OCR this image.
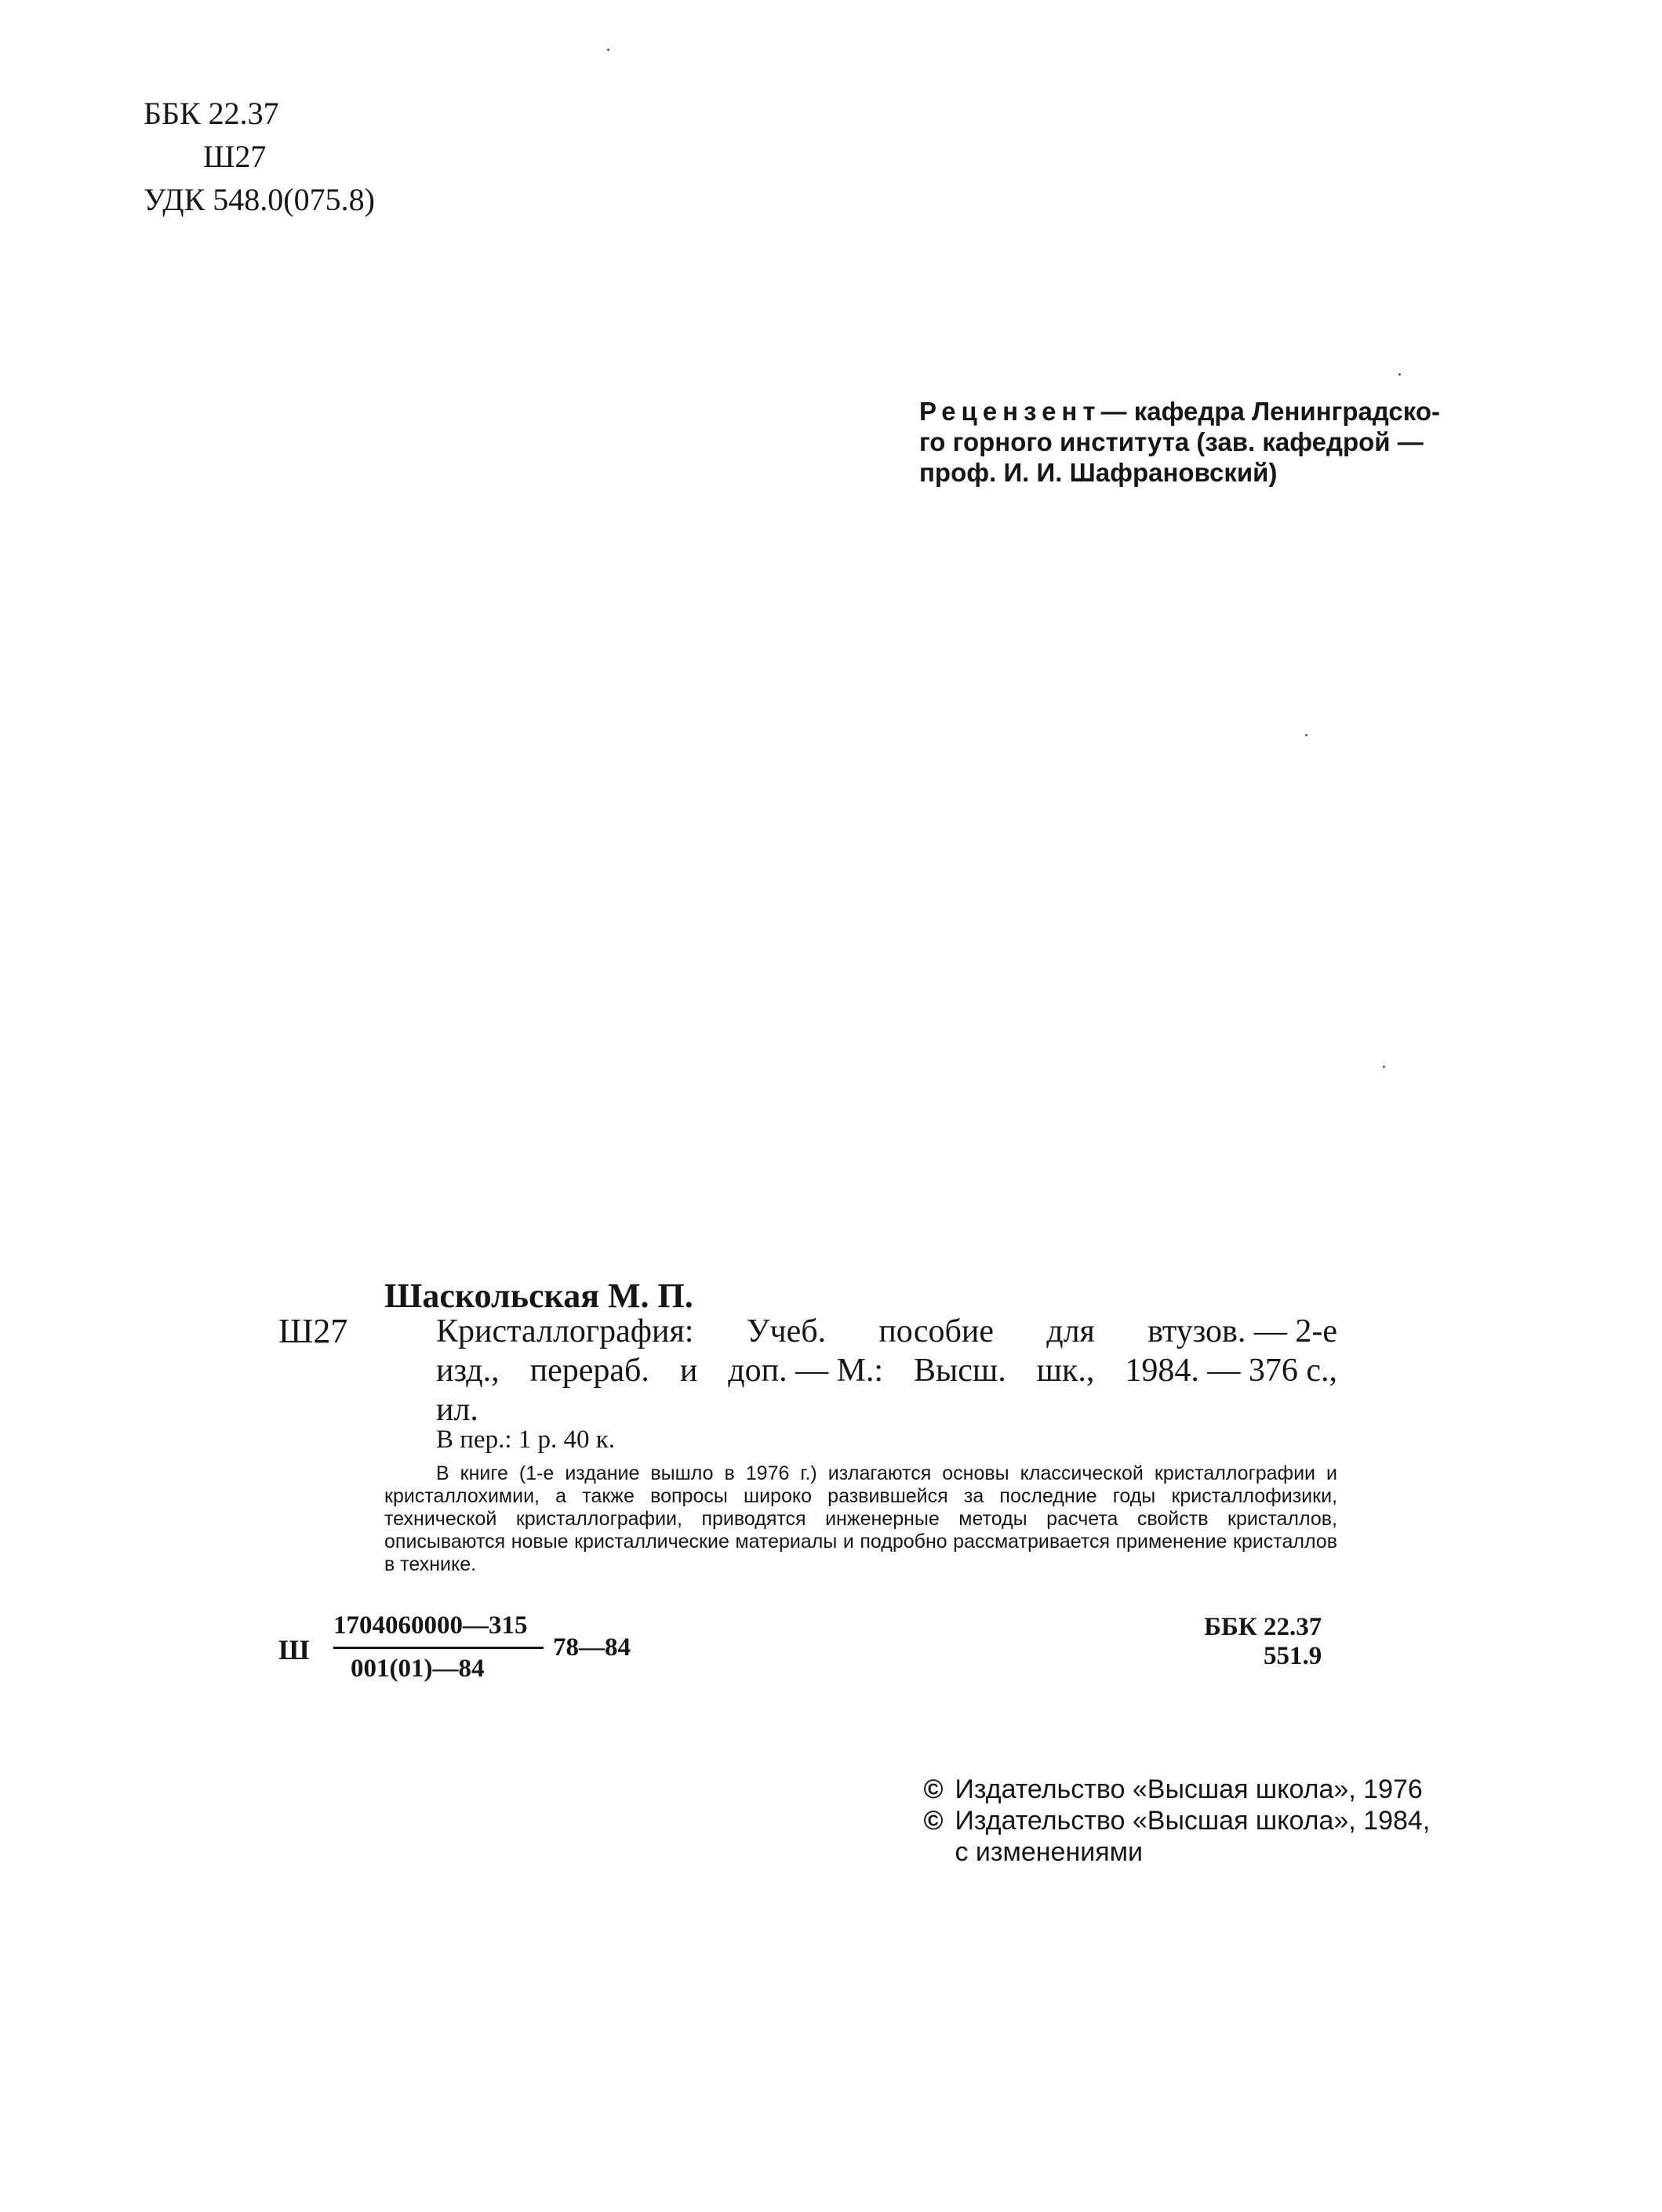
ББК 22.37
Ш27
УДК 548.0(075.8)
Рецензент— кафедра Ленинградско-
го горного института (зав. кафедрой —
проф. И. И. Шафрановский)
Шаскольская М. П.
Ш27	Кристаллография: Учеб. пособие для втузов. — 2-е
изд., перераб. и доп. — М.: Высш. шк., 1984. — 376 с.,
ил.
В пер.: 1 р. 40 к.
В книге (1-е издание вышло в 1976 г.) излагаются основы классической кристаллографии и кристаллохимии, а также вопросы широко развившейся за последние годы кристаллофизики, технической кристаллографии, приводятся инженерные методы расчета свойств кристаллов, описываются новые кристаллические материалы и подробно рассматривается применение кристаллов в технике.
Ш
1704060000—315
001(01)—84
78—84
ББК 22.37
551.9
© Издательство «Высшая школа», 1976
© Издательство «Высшая школа», 1984,
с изменениями
